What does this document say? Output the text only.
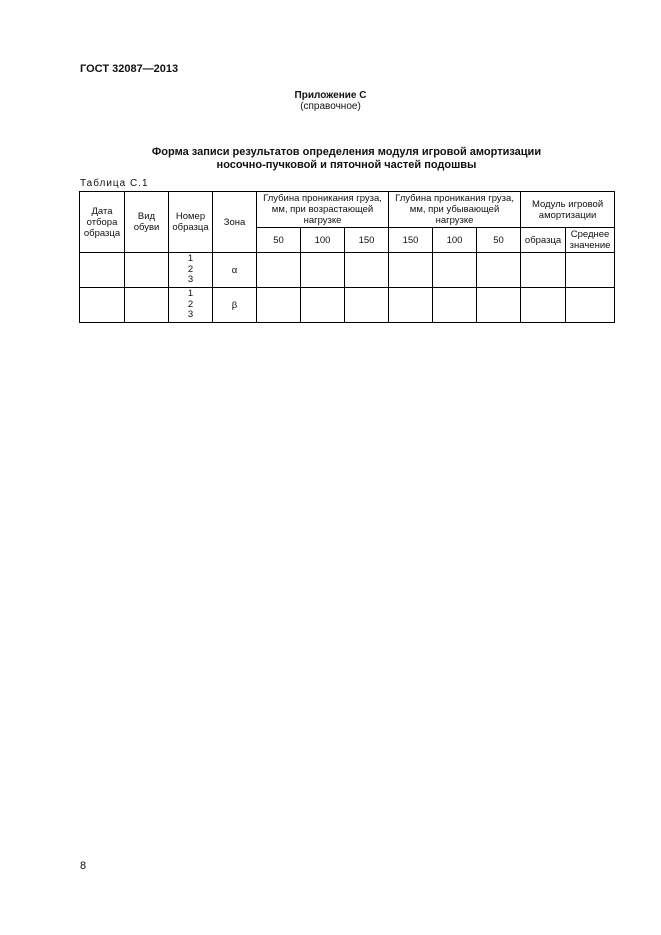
ГОСТ 32087—2013
Приложение С
(справочное)
Форма записи результатов определения модуля игровой амортизации
носочно-пучковой и пяточной частей подошвы
Таблица С.1
Дата отбора образца	Вид обуви	Номер образца	Зона	Глубина проникания груза, мм, при возрастающей нагрузке			Глубина проникания груза, мм, при убывающей нагрузке			Модуль игровой амортизации	
				50	100	150	150	100	50	образца	Среднее значение

		1
2
3	α								

		1
2
3	β								
8
